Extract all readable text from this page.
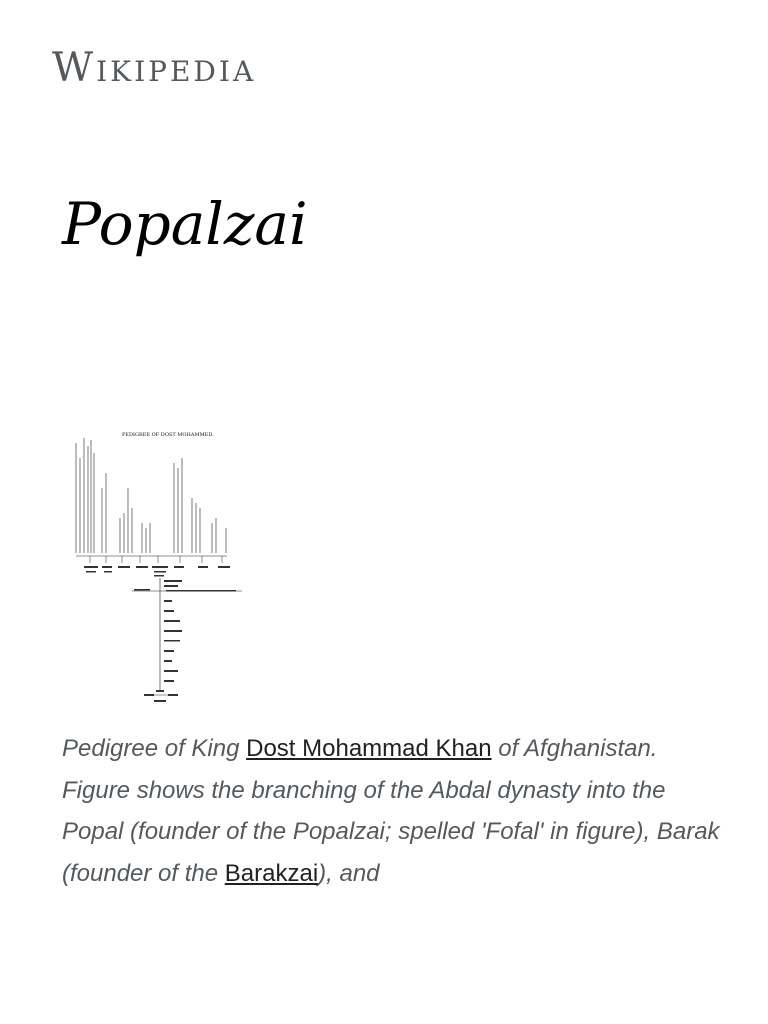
Wikipedia
Popalzai
PEDIGREE OF DOST MOHAMMED.

Pedigree of King Dost Mohammad Khan of Afghanistan. Figure shows the branching of the Abdal dynasty into the Popal (founder of the Popalzai; spelled 'Fofal' in figure), Barak (founder of the Barakzai), and
